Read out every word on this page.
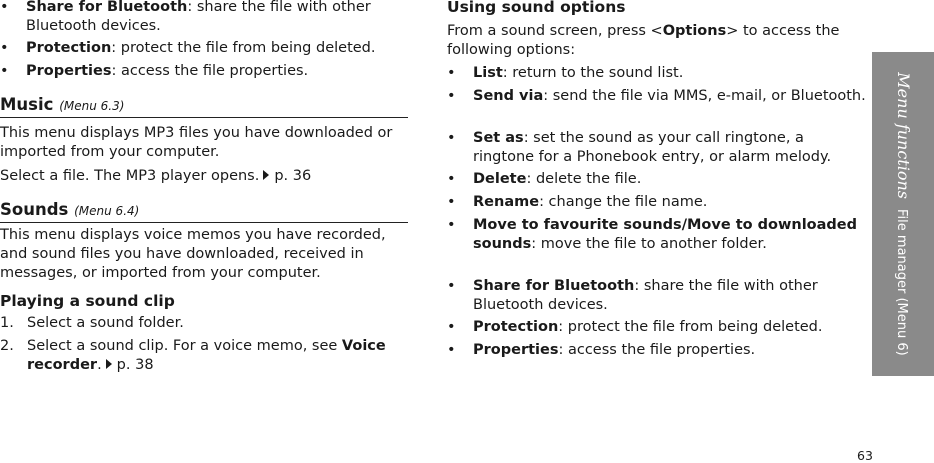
• Share for Bluetooth: share the file with other Bluetooth devices.
• Protection: protect the file from being deleted.
• Properties: access the file properties.
Music (Menu 6.3)
This menu displays MP3 files you have downloaded or imported from your computer.
Select a file. The MP3 player opens. p. 36
Sounds (Menu 6.4)
This menu displays voice memos you have recorded, and sound files you have downloaded, received in messages, or imported from your computer.
Playing a sound clip
1. Select a sound folder.
2. Select a sound clip. For a voice memo, see Voice recorder. p. 38
Using sound options
From a sound screen, press <Options> to access the following options:
• List: return to the sound list.
• Send via: send the file via MMS, e-mail, or Bluetooth.
• Set as: set the sound as your call ringtone, a ringtone for a Phonebook entry, or alarm melody.
• Delete: delete the file.
• Rename: change the file name.
• Move to favourite sounds/Move to downloaded sounds: move the file to another folder.
• Share for Bluetooth: share the file with other Bluetooth devices.
• Protection: protect the file from being deleted.
• Properties: access the file properties.
Menu functionsFile manager (Menu 6)
63
